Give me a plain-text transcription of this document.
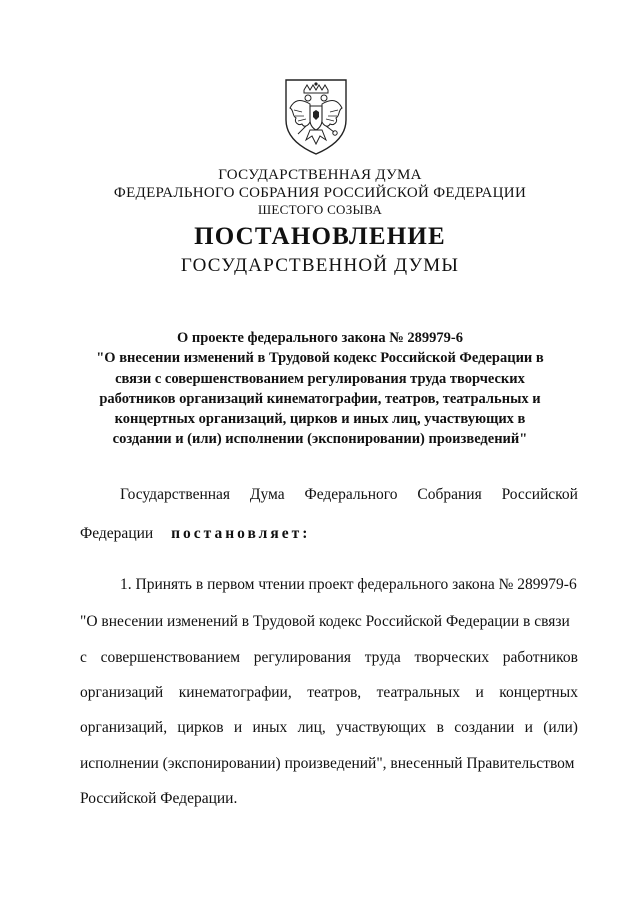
ГОСУДАРСТВЕННАЯ ДУМА
ФЕДЕРАЛЬНОГО СОБРАНИЯ РОССИЙСКОЙ ФЕДЕРАЦИИ
ШЕСТОГО СОЗЫВА
ПОСТАНОВЛЕНИЕ
ГОСУДАРСТВЕННОЙ ДУМЫ
О проекте федерального закона № 289979-6
"О внесении изменений в Трудовой кодекс Российской Федерации в
связи с совершенствованием регулирования труда творческих
работников организаций кинематографии, театров, театральных и
концертных организаций, цирков и иных лиц, участвующих в
создании и (или) исполнении (экспонировании) произведений"
Государственная Дума Федерального Собрания Российской
Федерации постановляет:
1. Принять в первом чтении проект федерального закона № 289979-6
"О внесении изменений в Трудовой кодекс Российской Федерации в связи
с совершенствованием регулирования труда творческих работников
организаций кинематографии, театров, театральных и концертных
организаций, цирков и иных лиц, участвующих в создании и (или)
исполнении (экспонировании) произведений", внесенный Правительством
Российской Федерации.
